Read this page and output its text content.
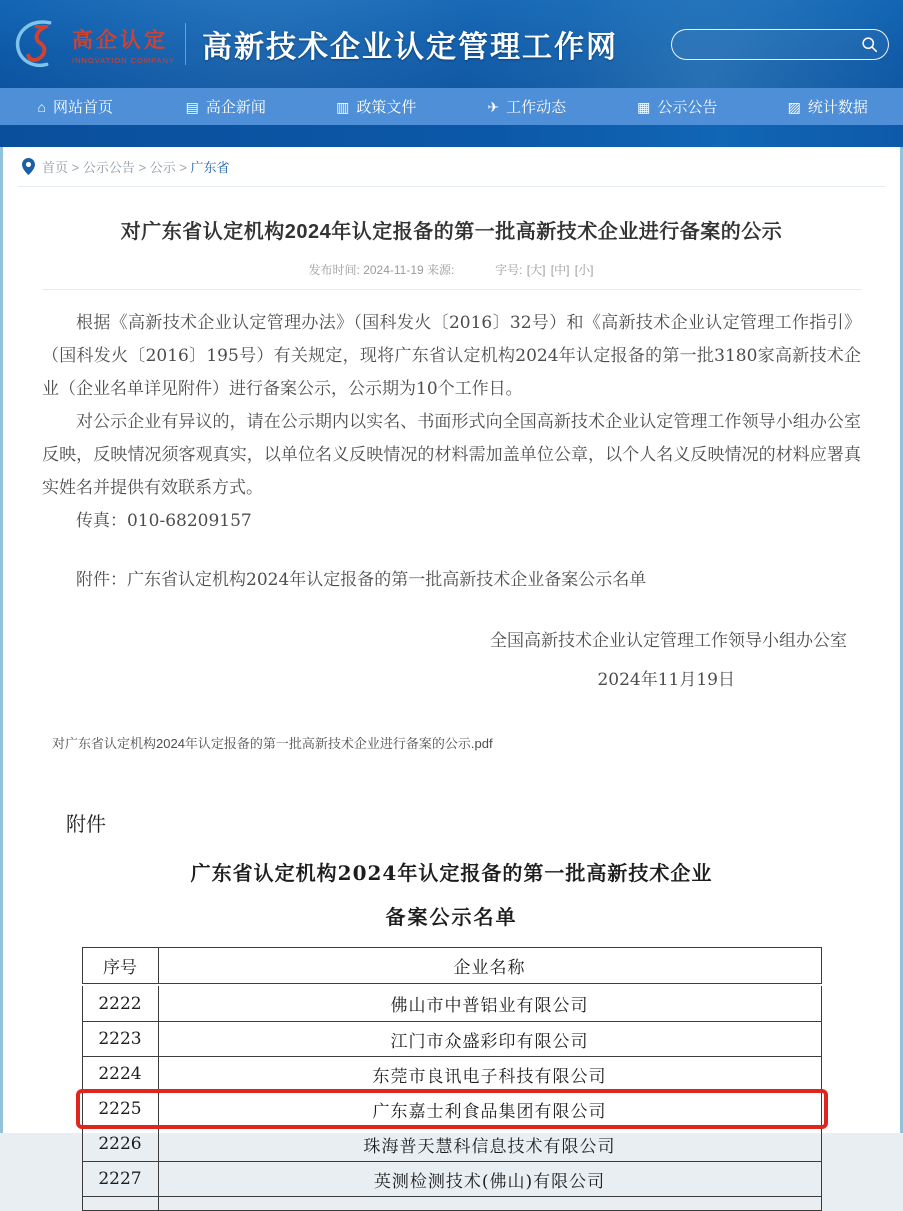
高企认定
INNOVATION COMPANY 高新技术企业认定管理工作网
⌂ 网站首页	▤ 高企新闻	▥ 政策文件	✈ 工作动态	▦ 公示公告	▨ 统计数据
首页 > 公示公告 > 公示 > 广东省
对广东省认定机构2024年认定报备的第一批高新技术企业进行备案的公示
发布时间: 2024-11-19 来源:	字号: [大] [中] [小]

根据《高新技术企业认定管理办法》（国科发火〔2016〕32号）和《高新技术企业认定管理工作指引》（国科发火〔2016〕195号）有关规定，现将广东省认定机构2024年认定报备的第一批3180家高新技术企业（企业名单详见附件）进行备案公示，公示期为10个工作日。

对公示企业有异议的，请在公示期内以实名、书面形式向全国高新技术企业认定管理工作领导小组办公室反映，反映情况须客观真实，以单位名义反映情况的材料需加盖单位公章，以个人名义反映情况的材料应署真实姓名并提供有效联系方式。

传真：010-68209157

附件：广东省认定机构2024年认定报备的第一批高新技术企业备案公示名单

全国高新技术企业认定管理工作领导小组办公室

2024年11月19日

对广东省认定机构2024年认定报备的第一批高新技术企业进行备案的公示.pdf
附件
广东省认定机构2024年认定报备的第一批高新技术企业
备案公示名单
序号	企业名称
2222	佛山市中普铝业有限公司
2223	江门市众盛彩印有限公司
2224	东莞市良讯电子科技有限公司
2225	广东嘉士利食品集团有限公司
2226	珠海普天慧科信息技术有限公司
2227	英测检测技术(佛山)有限公司
